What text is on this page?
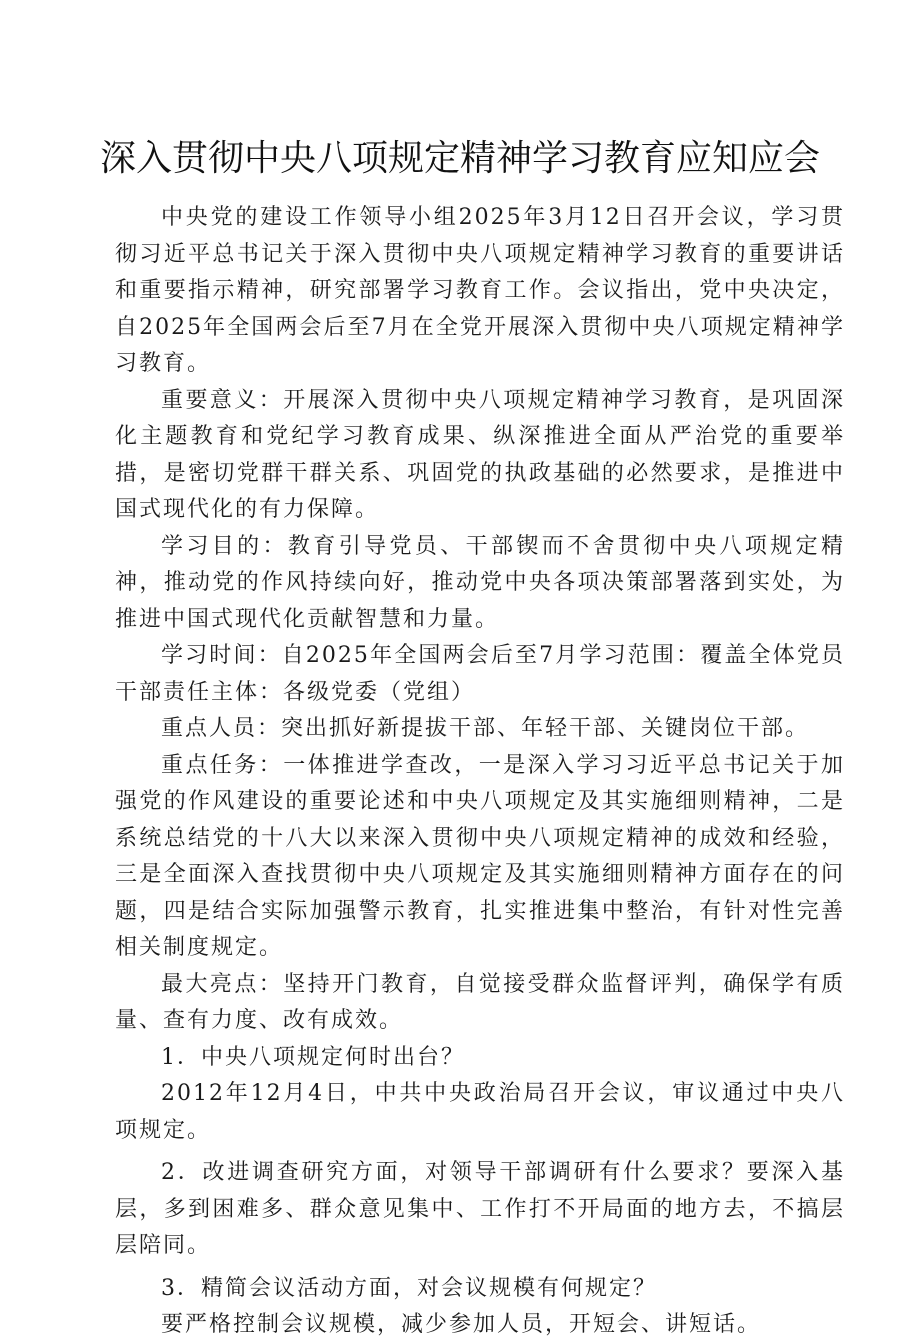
深入贯彻中央八项规定精神学习教育应知应会

中央党的建设工作领导小组2025年3月12日召开会议，学习贯彻习近平总书记关于深入贯彻中央八项规定精神学习教育的重要讲话和重要指示精神，研究部署学习教育工作。会议指出，党中央决定，自2025年全国两会后至7月在全党开展深入贯彻中央八项规定精神学习教育。

重要意义：开展深入贯彻中央八项规定精神学习教育，是巩固深化主题教育和党纪学习教育成果、纵深推进全面从严治党的重要举措，是密切党群干群关系、巩固党的执政基础的必然要求，是推进中国式现代化的有力保障。

学习目的：教育引导党员、干部锲而不舍贯彻中央八项规定精神，推动党的作风持续向好，推动党中央各项决策部署落到实处，为推进中国式现代化贡献智慧和力量。

学习时间：自2025年全国两会后至7月学习范围：覆盖全体党员干部责任主体：各级党委（党组）

重点人员：突出抓好新提拔干部、年轻干部、关键岗位干部。

重点任务：一体推进学查改，一是深入学习习近平总书记关于加强党的作风建设的重要论述和中央八项规定及其实施细则精神，二是系统总结党的十八大以来深入贯彻中央八项规定精神的成效和经验，三是全面深入查找贯彻中央八项规定及其实施细则精神方面存在的问题，四是结合实际加强警示教育，扎实推进集中整治，有针对性完善相关制度规定。

最大亮点：坚持开门教育，自觉接受群众监督评判，确保学有质量、查有力度、改有成效。

1．中央八项规定何时出台？

2012年12月4日，中共中央政治局召开会议，审议通过中央八项规定。

2．改进调查研究方面，对领导干部调研有什么要求？要深入基层，多到困难多、群众意见集中、工作打不开局面的地方去，不搞层层陪同。

3．精简会议活动方面，对会议规模有何规定？

要严格控制会议规模，减少参加人员，开短会、讲短话。
